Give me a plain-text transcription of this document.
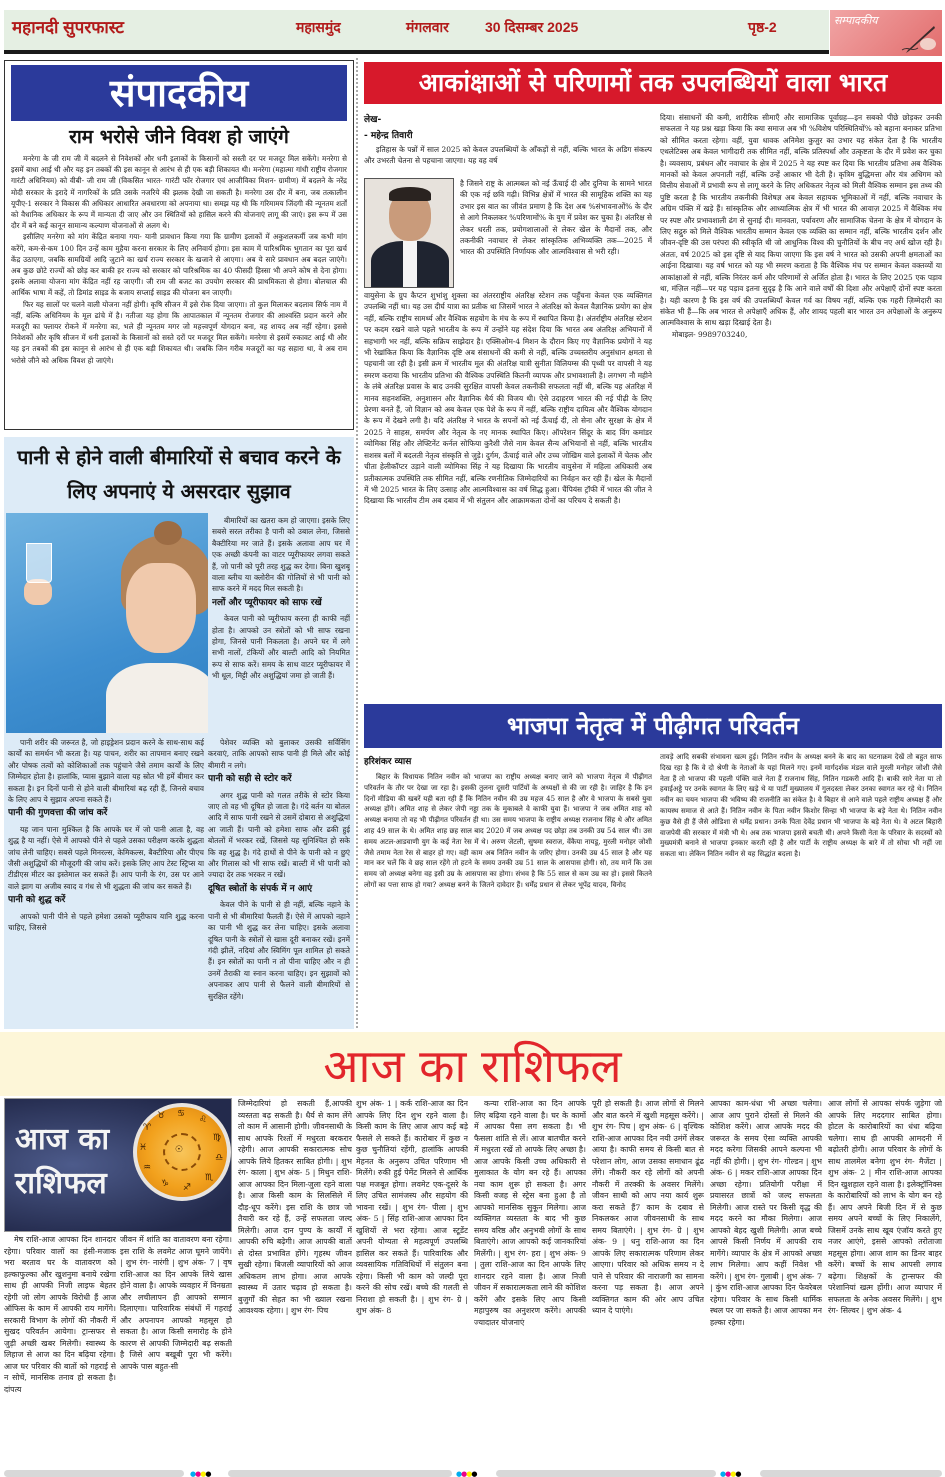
महानदी सुपरफास्ट	महासमुंद	मंगलवार	30 दिसम्बर 2025	पृष्ठ-2	सम्पादकीय
संपादकीय
राम भरोसे जीने विवश हो जाएंगे

मनरेगा के जी राम जी में बदलने से निवेशकों और धनी इलाकों के किसानों को सस्ती दर पर मजदूर मिल सकेंगे। मनरेगा से इसमें बाधा आई थी और यह इन तबकों की इस कानून से आरंभ से ही एक बड़ी शिकायत थी। मनरेगा (महात्मा गांधी राष्ट्रीय रोजगार गारंटी अधिनियम) को वीबी- जी राम जी (विकसित भारत- गारंटी फॉर रोजगार एवं आजीविका मिशन- ग्रामीण) में बदलने के नरेंद्र मोदी सरकार के इरादे में नागरिकों के प्रति उसके नजरिये की झलक देखी जा सकती है। मनरेगा उस दौर में बना, जब तत्कालीन यूपीए-1 सरकार ने विकास की अधिकार आधारित अवधारणा को अपनाया था। समझ यह थी कि गरिमामय जिंदगी की न्यूनतम शर्तों को वैधानिक अधिकार के रूप में मान्यता दी जाए और उन स्थितियों को हासिल करने की योजनाएं लागू की जाएं। इस रूप में उस दौर में बने कई कानून सामान्य कल्याण योजनाओं से अलग थे।

इसीलिए मनरेगा को मांग केंद्रित बनाया गया- यानी प्रावधान किया गया कि ग्रामीण इलाकों में अकुशलकर्मी जब कभी मांग करेंगे, कम-से-कम 100 दिन उन्हें काम मुहैया करना सरकार के लिए अनिवार्य होगा। इस काम में पारिश्रमिक भुगतान का पूरा खर्च केंद्र उठाएगा, जबकि सामग्रियों आदि जुटाने का खर्च राज्य सरकार के खजाने से आएगा। अब ये सारे प्रावधान अब बदल जाएंगे। अब कुछ छोटे राज्यों को छोड़ कर बाकी हर राज्य को सरकार को पारिश्रमिक का 40 फीसदी हिस्सा भी अपने कोष से देना होगा। इसके अलावा योजना मांग केंद्रित नहीं रह जाएगी। जी राम जी बजट का उपयोग सरकार की प्राथमिकता से होगा। बोलचाल की आर्थिक भाषा में कहें, तो डिमांड साइड के बजाय सप्लाई साइड की योजना बन जाएगी।

फिर यह सालों पर चलने वाली योजना नहीं होगी। कृषि सीजन में इसे रोक दिया जाएगा। तो कुल मिलाकर बदलाव सिर्फ नाम में नहीं, बल्कि अधिनियम के मूल ढांचे में है। नतीजा यह होगा कि आपातकाल में न्यूनतम रोजगार की आश्वस्ति प्रदान करने और मजदूरी का फ्लायर रोकने में मनरेगा का, भले ही न्यूनतम मगर जो महत्त्वपूर्ण योगदान बना, वह शायद अब नहीं रहेगा। इससे निवेशकों और कृषि सीजन में धनी इलाकों के किसानों को सस्ते दरों पर मजदूर मिल सकेंगे। मनरेगा से इसमें रुकावट आई थी और यह इन तबकों की इस कानून से आरंभ से ही एक बड़ी शिकायत थी। जबकि जिन गरीब मजदूरों का यह सहारा था, वे अब राम भरोसे जीने को अधिक विवश हो जाएंगे।

पानी से होने वाली बीमारियों से बचाव करने के लिए अपनाएं ये असरदार सुझाव

बीमारियों का खतरा कम हो जाएगा। इसके लिए सबसे सरल तरीका है पानी को उबाल लेना, जिससे बैक्टीरिया मर जाते हैं। इसके अलावा आप घर में एक अच्छी कंपनी का वाटर प्यूरीफायर लगवा सकते हैं, जो पानी को पूरी तरह शुद्ध कर देगा। बिना खुशबू वाला ब्लीच या क्लोरीन की गोलियों से भी पानी को साफ करने में मदद मिल सकती है।

नलों और प्यूरीफायर को साफ रखें

केवल पानी को प्यूरीफाय करना ही काफी नहीं होता है। आपको उन स्त्रोतों को भी साफ रखना होगा, जिनसे पानी निकलता है। अपने घर में लगे सभी नालों, टंकियों और बाल्टी आदि को नियमित रूप से साफ करें। समय के साथ वाटर प्यूरीफायर में भी धूल, मिट्टी और अशुद्धियां जमा हो जाती हैं।

पानी शरीर की जरूरत है, जो हाइड्रेशन प्रदान करने के साथ-साथ कई कार्यों का समर्थन भी करता है। यह पाचन, शरीर का तापमान बनाए रखने और पोषक तत्वों को कोशिकाओं तक पहुंचाने जैसे तमाम कार्यों के लिए जिम्मेदार होता है। हालांकि, प्यास बुझाने वाला यह स्रोत भी हमें बीमार कर सकता है। इन दिनों पानी से होने वाली बीमारियां बढ़ रही हैं, जिनसे बचाव के लिए आप ये सुझाव अपना सकते हैं।

पानी की गुणवत्ता की जांच करें

यह जान पाना मुश्किल है कि आपके घर में जो पानी आता है, वह शुद्ध है या नहीं। ऐसे में आपको पीने से पहले उसका परीक्षण करके शुद्धता जांच लेनी चाहिए। सबसे पहले मिनरल्स, केमिकल्स, बैक्टीरिया और पीएच जैसी अशुद्धियों की मौजूदगी की जांच करें। इसके लिए आप टेस्ट स्ट्रिप्स या टीडीएस मीटर का इस्तेमाल कर सकते हैं। आप पानी के रंग, उस पर आने वाले झाग या अजीब स्वाद व गंध से भी शुद्धता की जांच कर सकते हैं।

पानी को शुद्ध करें

आपको पानी पीने से पहले हमेशा उसको प्यूरीफाय यानि शुद्ध करना चाहिए, जिससे

पेशेवर व्यक्ति को बुलाकर उसकी सर्विसिंग करवाएं, ताकि आपको साफ पानी ही मिले और कोई बीमारी न लगे।

पानी को सही से स्टोर करें

अगर शुद्ध पानी को गलत तरीके से स्टोर किया जाए तो वह भी दूषित हो जाता है। गंदे बर्तन या बोतल आदि में साफ पानी रखने से उसमें दोबारा से अशुद्धियां आ जाती हैं। पानी को हमेशा साफ और ढकी हुई बोतलों में भरकर रखें, जिससे यह सुनिश्चित हो सके कि वह शुद्ध है। गंदे हाथों से पीने के पानी को न छुएं और गिलास को भी साफ रखें। बाल्टी में भी पानी को ज्यादा देर तक भरकर न रखें।

दूषित स्त्रोतों के संपर्क में न आएं

केवल पीने के पानी से ही नहीं, बल्कि नहाने के पानी से भी बीमारियां फैलती हैं। ऐसे में आपको नहाने का पानी भी शुद्ध कर लेना चाहिए। इसके अलावा दूषित पानी के स्त्रोतों से खास दूरी बनाकर रखें। इनमें गंदी झीलें, नदियां और स्विमिंग पूल शामिल हो सकते हैं। इन स्त्रोतों का पानी न तो पीना चाहिए और न ही उनमें तैराकी या स्नान करना चाहिए। इन सुझावों को अपनाकर आप पानी से फैलने वाली बीमारियों से सुरक्षित रहेंगे।

आकांक्षाओं से परिणामों तक उपलब्धियों वाला भारत
लेख-
- महेन्द्र तिवारी

इतिहास के पन्नों में साल 2025 को केवल उपलब्धियों के आँकड़ों से नहीं, बल्कि भारत के अडिग संकल्प और उभरती चेतना से पहचाना जाएगा। यह वह वर्ष

है जिसने राष्ट्र के आत्मबल को नई ऊँचाई दी और दुनिया के सामने भारत की एक नई छवि गढ़ी। विभिन्न क्षेत्रों में भारत की सामूहिक शक्ति का यह उभार इस बात का जीवंत प्रमाण है कि देश अब %संभावनाओं% के दौर से आगे निकलकर %परिणामों% के युग में प्रवेश कर चुका है। अंतरिक्ष से लेकर धरती तक, प्रयोगशालाओं से लेकर खेल के मैदानों तक, और तकनीकी नवाचार से लेकर सांस्कृतिक अभिव्यक्ति तक—2025 में भारत की उपस्थिति निर्णायक और आत्मविश्वास से भरी रही।

वायुसेना के ग्रुप कैप्टन शुभांशु शुक्ला का अंतरराष्ट्रीय अंतरिक्ष स्टेशन तक पहुँचना केवल एक व्यक्तिगत उपलब्धि नहीं था। यह उस दीर्घ यात्रा का प्रतीक था जिसमें भारत ने अंतरिक्ष को केवल वैज्ञानिक प्रयोग का क्षेत्र नहीं, बल्कि राष्ट्रीय सामर्थ्य और वैश्विक सहयोग के मंच के रूप में स्थापित किया है। अंतर्राष्ट्रीय अंतरिक्ष स्टेशन पर कदम रखने वाले पहले भारतीय के रूप में उन्होंने यह संदेश दिया कि भारत अब अंतरिक्ष अभियानों में सहभागी भर नहीं, बल्कि सक्रिय साझेदार है। एक्सिओम-4 मिशन के दौरान किए गए वैज्ञानिक प्रयोगों ने यह भी रेखांकित किया कि वैज्ञानिक दृष्टि अब संसाधनों की कमी से नहीं, बल्कि उच्चस्तरीय अनुसंधान क्षमता से पहचानी जा रही है। इसी क्रम में भारतीय मूल की अंतरिक्ष यात्री सुनीता विलियम्स की पृथ्वी पर वापसी ने यह स्मरण कराया कि भारतीय प्रतिभा की वैश्विक उपस्थिति कितनी व्यापक और प्रभावशाली है। लगभग नौ महीने के लंबे अंतरिक्ष प्रवास के बाद उनकी सुरक्षित वापसी केवल तकनीकी सफलता नहीं थी, बल्कि यह अंतरिक्ष में मानव सहनशक्ति, अनुशासन और वैज्ञानिक धैर्य की विजय थी। ऐसे उदाहरण भारत की नई पीढ़ी के लिए प्रेरणा बनते हैं, जो विज्ञान को अब केवल एक पेशे के रूप में नहीं, बल्कि राष्ट्रीय दायित्व और वैश्विक योगदान के रूप में देखने लगी है। यदि अंतरिक्ष ने भारत के सपनों को नई ऊँचाई दी, तो सेना और सुरक्षा के क्षेत्र में 2025 ने साहस, समर्पण और नेतृत्व के नए मानक स्थापित किए। ऑपरेशन सिंदूर के बाद विंग कमांडर व्योमिका सिंह और लेफ्टिनेंट कर्नल सोफिया कुरैशी जैसे नाम केवल सैन्य अभियानों से नहीं, बल्कि भारतीय सशस्त्र बलों में बदलती नेतृत्व संस्कृति से जुड़े। दुर्गम, ऊँचाई वाले और उच्च जोखिम वाले इलाकों में चेतक और चीता हेलीकॉप्टर उड़ाने वाली व्योमिका सिंह ने यह दिखाया कि भारतीय वायुसेना में महिला अधिकारी अब प्रतीकात्मक उपस्थिति तक सीमित नहीं, बल्कि रणनीतिक जिम्मेदारियों का निर्वहन कर रही हैं। खेल के मैदानों में भी 2025 भारत के लिए उत्साह और आत्मविश्वास का वर्ष सिद्ध हुआ। चैंपियंस ट्रॉफी में भारत की जीत ने दिखाया कि भारतीय टीम अब दबाव में भी संतुलन और आक्रामकता दोनों का परिचय दे सकती है।

दिया। संसाधनों की कमी, शारीरिक सीमाएँ और सामाजिक पूर्वाग्रह—इन सबको पीछे छोड़कर उनकी सफलता ने यह प्रश्न खड़ा किया कि क्या समाज अब भी %विशेष परिस्थितियों% को बहाना बनाकर प्रतिभा को सीमित करता रहेगा। वहीं, युवा धावक अनिमेश कुजुर का उभार यह संकेत देता है कि भारतीय एथलेटिक्स अब केवल भागीदारी तक सीमित नहीं, बल्कि प्रतिस्पर्धा और उत्कृष्टता के दौर में प्रवेश कर चुका है। व्यवसाय, प्रबंधन और नवाचार के क्षेत्र में 2025 ने यह स्पष्ट कर दिया कि भारतीय प्रतिभा अब वैश्विक मानकों को केवल अपनाती नहीं, बल्कि उन्हें आकार भी देती है। कृत्रिम बुद्धिमत्ता और यंत्र अधिगम को वित्तीय सेवाओं में प्रभावी रूप से लागू करने के लिए अधिकतर नेतृत्व को मिली वैश्विक सम्मान इस तथ्य की पुष्टि करता है कि भारतीय तकनीकी विशेषज्ञ अब केवल सहायक भूमिकाओं में नहीं, बल्कि नवाचार के अग्रिम पंक्ति में खड़े हैं। सांस्कृतिक और आध्यात्मिक क्षेत्र में भी भारत की आवाज़ 2025 में वैश्विक मंच पर स्पष्ट और प्रभावशाली ढंग से सुनाई दी। मानवता, पर्यावरण और सामाजिक चेतना के क्षेत्र में योगदान के लिए सद्गुरु को मिले वैश्विक भारतीय सम्मान केवल एक व्यक्ति का सम्मान नहीं, बल्कि भारतीय दर्शन और जीवन-दृष्टि की उस परंपरा की स्वीकृति थी जो आधुनिक विश्व की चुनौतियों के बीच नए अर्थ खोज रही है। अंततः, वर्ष 2025 को इस दृष्टि से याद किया जाएगा कि इस वर्ष ने भारत को उसकी अपनी क्षमताओं का आईना दिखाया। यह वर्ष भारत को यह भी स्मरण कराता है कि वैश्विक मंच पर सम्मान केवल वक्तव्यों या आकांक्षाओं से नहीं, बल्कि निरंतर कर्म और परिणामों से अर्जित होता है। भारत के लिए 2025 एक पड़ाव था, मंज़िल नहीं—पर यह पड़ाव इतना सुदृढ़ है कि आने वाले वर्षों की दिशा और अपेक्षाएँ दोनों स्पष्ट करता है। यही कारण है कि इस वर्ष की उपलब्धियाँ केवल गर्व का विषय नहीं, बल्कि एक गहरी ज़िम्मेदारी का संकेत भी हैं—कि अब भारत से अपेक्षाएँ अधिक हैं, और शायद पहली बार भारत उन अपेक्षाओं के अनुरूप आत्मविश्वास के साथ खड़ा दिखाई देता है।

मोबाइल- 9989703240,

भाजपा नेतृत्व में पीढ़ीगत परिवर्तन
हरिशंकर व्यास

बिहार के विधायक नितिन नवीन को भाजपा का राष्ट्रीय अध्यक्ष बनाए जाने को भाजपा नेतृत्व में पीढ़ीगत परिवर्तन के तौर पर देखा जा रहा है। इसकी तुलना दूसरी पार्टियों के अध्यक्षों से की जा रही है। जाहिर है कि इन दिनों मीडिया की खबरें यही बता रही हैं कि नितिन नवीन की उम्र महज 45 साल है और वे भाजपा के सबसे युवा अध्यक्ष होंगे। अमित शाह से लेकर जेपी नड्डा तक के मुकाबले वे काफी युवा हैं। भाजपा ने जब अमित शाह को अध्यक्ष बनाया तो वह भी पीढ़ीगत परिवर्तन ही था। उस समय भाजपा के राष्ट्रीय अध्यक्ष राजनाथ सिंह थे और अमित शाह 49 साल के थे। अमित शाह छह साल बाद 2020 में जब अध्यक्ष पद छोड़ा तब उनकी उम्र 54 साल थी। उस समय अटल-आडवाणी युग के कई नेता रेस में थे। अरुण जेटली, सुषमा स्वराज, वेंकैया नायडू, मुरली मनोहर जोशी जैसे तमाम नेता रेस से बाहर हो गए। वही काम अब नितिन नवीन के जरिए होगा। उनकी उम्र 45 साल है और यह मान कर चलें कि वे छह साल रहेंगे तो हटने के समय उनकी उम्र 51 साल के आसपास होगी। सो, तय मानें कि उस समय जो अध्यक्ष बनेगा वह इसी उम्र के आसपास का होगा। संभव है कि 55 साल से कम उम्र का हो। इससे कितने लोगों का पत्ता साफ हो गया? अध्यक्ष बनने के जितने दावेदार हैं। धर्मेंद्र प्रधान से लेकर भूपेंद्र यादव, विनोद

तावड़े आदि सबकी संभावना खत्म हुई। नितिन नवीन के अध्यक्ष बनने के बाद का घटनाक्रम देखें तो बहुत साफ दिख रहा है कि वे दो श्रेणी के नेताओं के यहां मिलने गए। इनमें मार्गदर्शक मंडल वाले मुरली मनोहर जोशी जैसे नेता हैं तो भाजपा की पहली पंक्ति वाले नेता हैं राजनाथ सिंह, नितिन गडकरी आदि हैं। बाकी सारे नेता या तो हवाईअड्डे पर उनके स्वागत के लिए खड़े थे या पार्टी मुख्यालय में गुलदस्ता लेकर उनका स्वागत कर रहे थे। नितिन नवीन का चयन भाजपा की भविष्य की राजनीति का संकेत है। वे बिहार से आने वाले पहले राष्ट्रीय अध्यक्ष हैं और कायस्थ समाज से आते हैं। नितिन नवीन के पिता नवीन किशोर सिन्हा भी भाजपा के बड़े नेता थे। नितिन नवीन कुछ वैसे ही हैं जैसे ओडिशा से धर्मेंद्र प्रधान। उनके पिता देवेंद्र प्रधान भी भाजपा के बड़े नेता थे। वे अटल बिहारी वाजपेयी की सरकार में मंत्री भी थे। अब तक भाजपा इससे बचती थी। अपने किसी नेता के परिवार के सदस्यों को मुख्यमंत्री बनाने से भाजपा इनकार करती रही है और पार्टी के राष्ट्रीय अध्यक्ष के बारे में तो सोचा भी नहीं जा सकता था। लेकिन नितिन नवीन से यह सिद्धांत बदला है।

आज का राशिफल
आज का
राशिफल
♋
♌
♍
♎
♏
♐
♑
♒
♓
♈
♉
☉

मेष राशि-आज आपका दिन शानदार रहेगा। परिवार वालों का हंसी-मजाक भरा बरताव घर के वातावरण को हल्काफुल्का और खुशनुमा बनाये रखेगा साथ ही आपकी निजी लाइफ बेहतर रहेगी जो लोग आपके विरोधी हैं आज ऑफिस के काम में आपकी राय मागेंगे। सरकारी विभाग के लोगों की नौकरी में सुखद परिवर्तन आयेगा। ट्रान्सफर से जुड़ी अच्छी खबर मिलेगी। स्वास्थ्य के लिहाज से आज का दिन बढ़िया रहेगा। आज घर परिवार की बातों को गहराई से न सोचें, मानसिक तनाव हो सकता है। दांपत्य

जीवन में शांति का वातावरण बना रहेगा। इस राशि के लवमेट आज घूमने जायेंगे। | शुभ रंग- नारंगी | शुभ अंक- 7 | वृष राशि-आज का दिन आपके लिये खास होने वाला है। आपके व्यवहार में विनम्रता और लचीलापन ही आपको सम्मान दिलाएगा। पारिवारिक संबंधों में गहराई और अपनापन आपको महसूस हो सकता है। आज किसी समारोह के होने कारण से आपकी जिम्मेदारी बढ़ सकती है जिसे आप बखूबी पूरा भी करेंगे। आपके पास बहुत-सी

जिम्मेदारियां हो सकती हैं,आपकी व्यस्तता बढ़ सकती है। धैर्य से काम लेंगे तो काम में आसानी होगी। जीवनसाथी के साथ आपके रिश्तों में मधुरता बरकरार रहेगी। आज आपकी सकारात्मक सोच आपके लिये हितकर साबित होगी। | शुभ रंग- काला | शुभ अंक- 5 | मिथुन राशि-आज आपका दिन मिला-जुला रहने वाला है। आज किसी काम के सिलसिले में दौड़-धूप करेंगे। इस राशि के छात्र जो तैयारी कर रहे हैं, उन्हें सफलता जल्द मिलेगी। आज दान पुण्य के कार्यों में आपकी रुचि बढ़ेगी। आज आपकी बातों से दोस्त प्रभावित होंगे। गृहस्थ जीवन सुखी रहेगा। बिजली व्यापारियों को आज अधिकतम लाभ होगा। आज आपके स्वास्थ्य में उतार चढ़ाव हो सकता है। बुजुर्गों की सेहत का भी ख्याल रखना आवश्यक रहेगा। | शुभ रंग- पिच

शुभ अंक- 1 | कर्क राशि-आज का दिन आपके लिए दिन शुभ रहने वाला है। किसी काम के लिए आज आप कई बड़े फैसले ले सकते हैं। कारोबार में कुछ न कुछ चुनौतियां रहेंगी, हालांकि आपकी मेहनत के अनुरूप उचित परिणाम भी मिलेंगे। रुकी हुई पेमेंट मिलने से आर्थिक पक्ष मजबूत होगा। लवमेट एक-दूसरे के लिए उचित सामंजस्य और सहयोग की भावना रखें। | शुभ रंग- पीला | शुभ अंक- 5 | सिंह राशि-आज आपका दिन खुशियों से भरा रहेगा। आज स्टूडेंट अपनी योग्यता से महत्वपूर्ण उपलब्धि हासिल कर सकते हैं। पारिवारिक और व्यवसायिक गतिविधियों में संतुलन बना रहेगा। किसी भी काम को जल्दी पूरा करने की सोच रखें। बच्चे की गलती से निराशा हो सकती है। | शुभ रंग- ग्रे | शुभ अंक- 8

कन्या राशि-आज का दिन आपके लिए बढ़िया रहने वाला है। घर के कामों में आपका पैसा लग सकता है। भी फैसला शांति से लें। आज बातचीत करने में मधुरता रखें तो आपके लिए अच्छा है। आज आपके किसी उच्च अधिकारी से मुलाकात के योग बन रहे हैं। आपका नया काम शुरू हो सकता है। अगर किसी वजह से स्ट्रेस बना हुआ है तो आपको मानसिक सुकून मिलेगा। आज व्यक्तिगत व्यस्तता के बाद भी कुछ समय वरिष्ठ और अनुभवी लोगों के साथ बिताएंगे। आज आपको कई जानकारियां मिलेंगी। | शुभ रंग- हरा | शुभ अंक- 9 | तुला राशि-आज का दिन आपके लिए शानदार रहने वाला है। आज निजी जीवन में सकारात्मकता लाने की कोशिश करेंगे और इसके लिए आप किसी महापुरुष का अनुशरण करेंगे। आपकी ज्यादातर योजनाएं

पूरी हो सकती है। आज लोगों से मिलने और बात करने में खुशी महसूस करेंगे। | शुभ रंग- पिच | शुभ अंक- 6 | वृश्चिक राशि-आज आपका दिन नयी उमंगें लेकर आया है। काफी समय से किसी बात से परेशान लोग, आज उसका समाधान ढूंढ लेंगे। नौकरी कर रहे लोगों को अपनी नौकरी में तरक्की के अवसर मिलेंगे। जीवन साथी को आप नया कार्य शुरू करा सकते हैं7 काम के दबाव से निकलकर आज जीवनसाथी के साथ समय बिताएंगे। | शुभ रंग- ग्रे | शुभ अंक- 9 | धनु राशि-आज का दिन आपके लिए सकारात्मक परिणाम लेकर आएगा। परिवार को अधिक समय न दे पाने से परिवार की नाराजगी का सामना करना पड़ सकता है। आज अपने व्यक्तिगत काम की ओर आप उचित ध्यान दे पाएंगे।

आपका काम-धंधा भी अच्छा चलेगा। आज आप पुराने दोस्तों से मिलने की कोशिश करेंगे। आज आपके मदद की जरूरत के समय ऐसा व्यक्ति आपकी मदद करेगा जिसकी आपने कल्पना भी नहीं की होगी। | शुभ रंग- गोल्डन | शुभ अंक- 6 | मकर राशि-आज आपका दिन अच्छा रहेगा। प्रतियोगी परीक्षा में प्रयासरत छात्रों को जल्द सफलता मिलेगी। आज रास्ते पर किसी वृद्ध की मदद करने का मौका मिलेगा। आज आपको बेहद खुशी मिलेगी। आज बच्चे आपसे किसी निर्णय में आपकी राय मागेंगे। व्यापार के क्षेत्र में आपको अच्छा लाभ मिलेगा। आप कहीं निवेश भी करेंगे। | शुभ रंग- गुलाबी | शुभ अंक- 7 | कुंभ राशि-आज आपका दिन फेवरेबल रहेगा। परिवार के साथ किसी धार्मिक स्थल पर जा सकते है। आज आपका मन हल्का रहेगा।

आज लोगों से आपका संपर्क जुड़ेगा जो आपके लिए मददगार साबित होगा। होटल के कारोबारियों का धंधा बढ़िया चलेगा। साथ ही आपकी आमदनी में बढ़ोतरी होगी। आज परिवार के लोगों के साथ तालमेल बनेगा शुभ रंग- मैजेंटा | शुभ अंक- 2 | मीन राशि-आज आपका दिन खुशहाल रहने वाला है। इलेक्ट्रॉनिक्स के कारोबारियों को लाभ के योग बन रहे हैं। आप अपने बिजी दिन में से कुछ समय अपने बच्चों के लिए निकालेंगे, जिसमें उनके साथ खूब एंजॉय करते हुए नजर आएंगे, इससे आपको तरोताजा महसूस होगा। आज शाम का डिनर बाहर करेंगे। बच्चों के साथ आपसी लगाव बढ़ेगा। शिक्षकों के ट्रान्सफर की परेशानियां खत्म होंगी। आज व्यापार में सफलता के अनेक अवसर मिलेंगे। | शुभ रंग- सिल्वर | शुभ अंक- 4

●●●●	●●●●	●●●●
